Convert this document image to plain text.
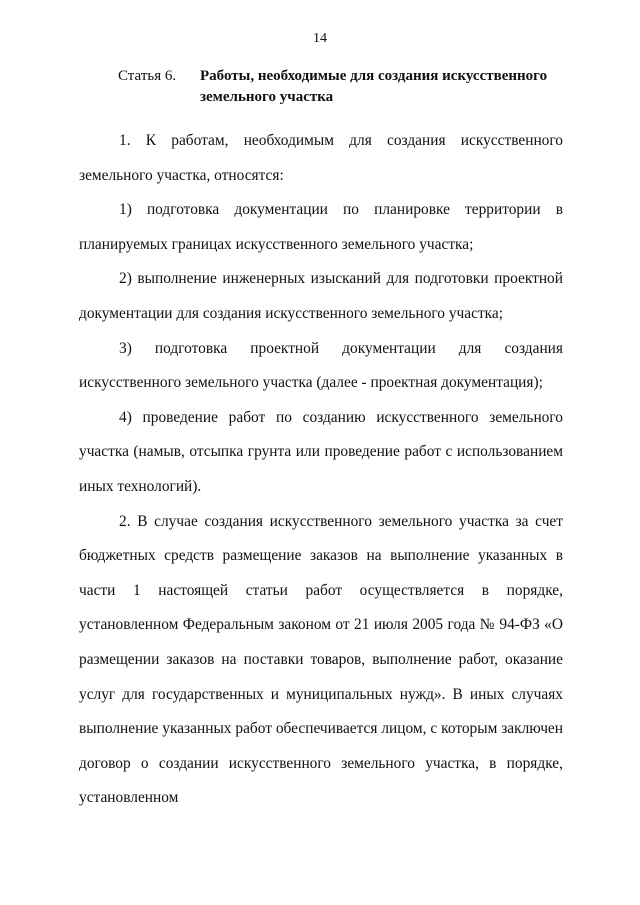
14
Статья 6. Работы, необходимые для создания искусственного земельного участка

1. К работам, необходимым для создания искусственного земельного участка, относятся:

1) подготовка документации по планировке территории в планируемых границах искусственного земельного участка;

2) выполнение инженерных изысканий для подготовки проектной документации для создания искусственного земельного участка;

3) подготовка проектной документации для создания искусственного земельного участка (далее - проектная документация);

4) проведение работ по созданию искусственного земельного участка (намыв, отсыпка грунта или проведение работ с использованием иных технологий).

2. В случае создания искусственного земельного участка за счет бюджетных средств размещение заказов на выполнение указанных в части 1 настоящей статьи работ осуществляется в порядке, установленном Федеральным законом от 21 июля 2005 года № 94-ФЗ «О размещении заказов на поставки товаров, выполнение работ, оказание услуг для государственных и муниципальных нужд». В иных случаях выполнение указанных работ обеспечивается лицом, с которым заключен договор о создании искусственного земельного участка, в порядке, установленном
